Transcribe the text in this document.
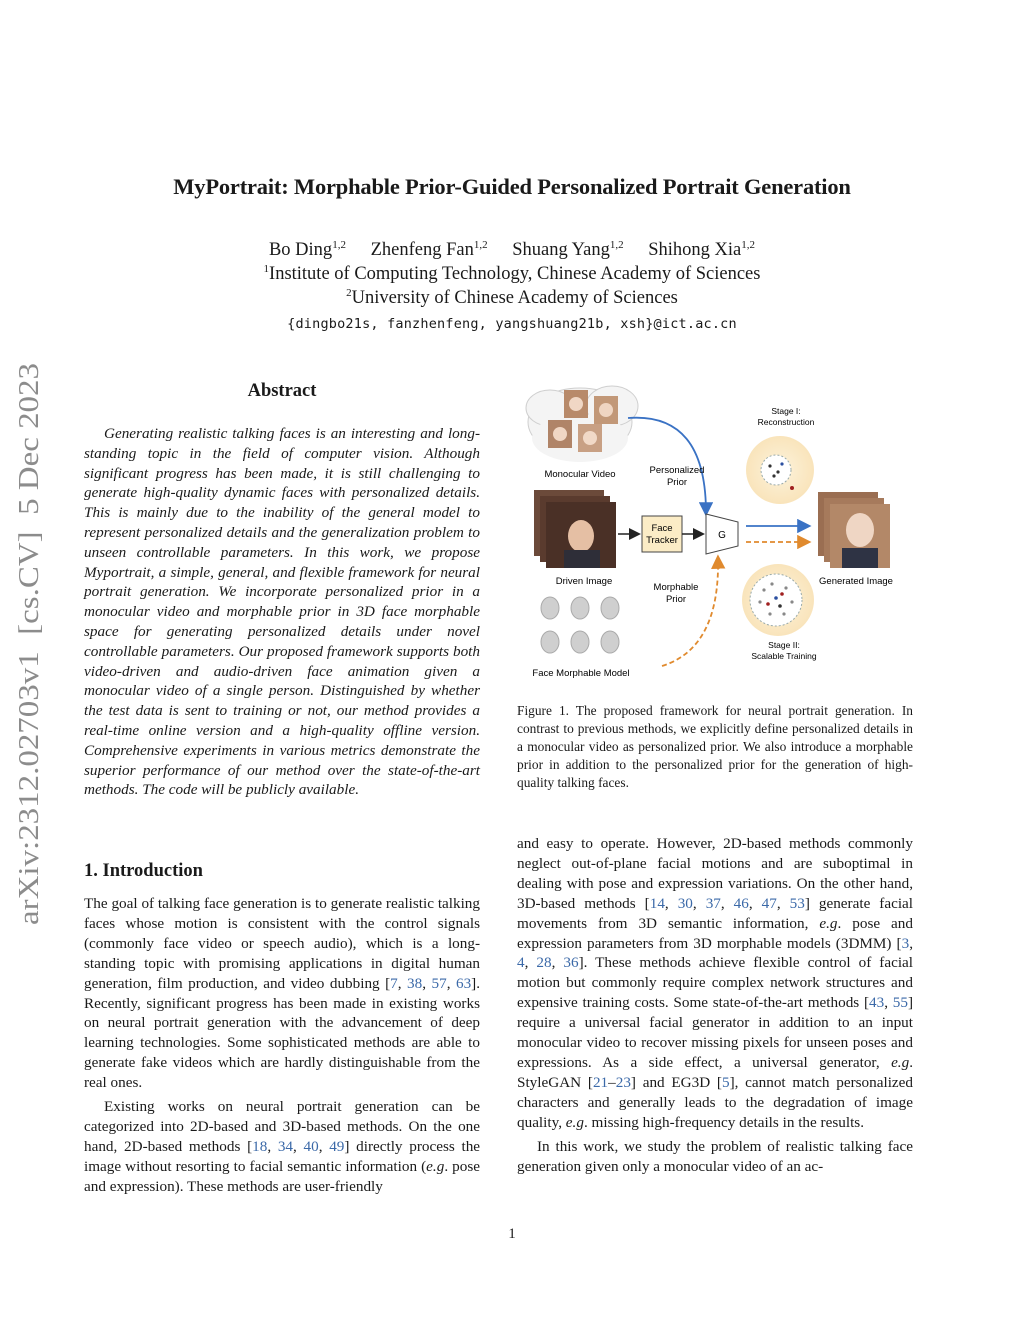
MyPortrait: Morphable Prior-Guided Personalized Portrait Generation
Bo Ding$^{1,2}$ Zhenfeng Fan$^{1,2}$ Shuang Yang$^{1,2}$ Shihong Xia$^{1,2}$
$^1$Institute of Computing Technology, Chinese Academy of Sciences
$^2$University of Chinese Academy of Sciences
{dingbo21s, fanzhenfeng, yangshuang21b, xsh}@ict.ac.cn
arXiv:2312.02703v1  [cs.CV]  5 Dec 2023
Abstract
Generating realistic talking faces is an interesting and long-standing topic in the field of computer vision. Although significant progress has been made, it is still challenging to generate high-quality dynamic faces with personalized details. This is mainly due to the inability of the general model to represent personalized details and the generalization problem to unseen controllable parameters. In this work, we propose Myportrait, a simple, general, and flexible framework for neural portrait generation. We incorporate personalized prior in a monocular video and morphable prior in 3D face morphable space for generating personalized details under novel controllable parameters. Our proposed framework supports both video-driven and audio-driven face animation given a monocular video of a single person. Distinguished by whether the test data is sent to training or not, our method provides a real-time online version and a high-quality offline version. Comprehensive experiments in various metrics demonstrate the superior performance of our method over the state-of-the-art methods. The code will be publicly available.
1. Introduction

The goal of talking face generation is to generate realistic talking faces whose motion is consistent with the control signals (commonly face video or speech audio), which is a long-standing topic with promising applications in digital human generation, film production, and video dubbing [7, 38, 57, 63]. Recently, significant progress has been made in existing works on neural portrait generation with the advancement of deep learning technologies. Some sophisticated methods are able to generate fake videos which are hardly distinguishable from the real ones.

Existing works on neural portrait generation can be categorized into 2D-based and 3D-based methods. On the one hand, 2D-based methods [18, 34, 40, 49] directly process the image without resorting to facial semantic information (e.g. pose and expression). These methods are user-friendly

Monocular Video	Personalized
Prior
Driven Image
Face
Tracker	G
Morphable
Prior
Stage I:
Reconstruction
Generated Image
Stage II:
Scalable Training
Face Morphable Model
Figure 1. The proposed framework for neural portrait generation. In contrast to previous methods, we explicitly define personalized details in a monocular video as personalized prior. We also introduce a morphable prior in addition to the personalized prior for the generation of high-quality talking faces.

and easy to operate. However, 2D-based methods commonly neglect out-of-plane facial motions and are suboptimal in dealing with pose and expression variations. On the other hand, 3D-based methods [14, 30, 37, 46, 47, 53] generate facial movements from 3D semantic information, e.g. pose and expression parameters from 3D morphable models (3DMM) [3, 4, 28, 36]. These methods achieve flexible control of facial motion but commonly require complex network structures and expensive training costs. Some state-of-the-art methods [43, 55] require a universal facial generator in addition to an input monocular video to recover missing pixels for unseen poses and expressions. As a side effect, a universal generator, e.g. StyleGAN [21–23] and EG3D [5], cannot match personalized characters and generally leads to the degradation of image quality, e.g. missing high-frequency details in the results.

In this work, we study the problem of realistic talking face generation given only a monocular video of an ac-

1
